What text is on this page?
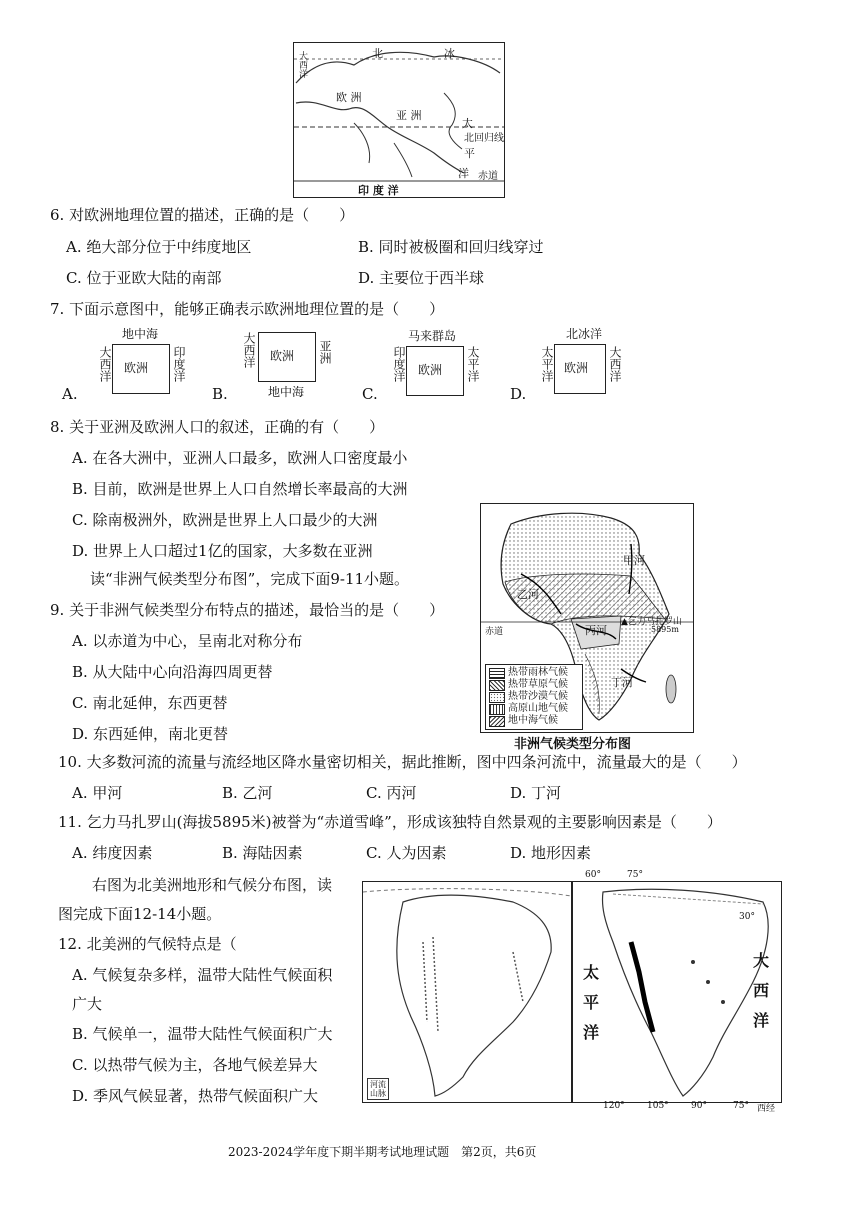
北	冰
欧 洲
亚 洲
太
北回归线
平
洋 赤道
印 度 洋
大西洋
6. 对欧洲地理位置的描述，正确的是（　　）
A. 绝大部分位于中纬度地区	B. 同时被极圈和回归线穿过
C. 位于亚欧大陆的南部	D. 主要位于西半球
7. 下面示意图中，能够正确表示欧洲地理位置的是（　　）
地中海
欧洲
大西洋	印度洋
A.
欧洲
大西洋	亚洲
地中海
B.
马来群岛
欧洲
印度洋	太平洋
C.
北冰洋
欧洲
太平洋	大西洋
D.
8. 关于亚洲及欧洲人口的叙述，正确的有（　　）
A. 在各大洲中，亚洲人口最多，欧洲人口密度最小
B. 目前，欧洲是世界上人口自然增长率最高的大洲
C. 除南极洲外，欧洲是世界上人口最少的大洲
D. 世界上人口超过1亿的国家，大多数在亚洲
读“非洲气候类型分布图”，完成下面9-11小题。
甲河
乙河
丙河
丁河
▲乞力马扎罗山
5895m
赤道
热带雨林气候
热带草原气候
热带沙漠气候
高原山地气候
地中海气候
非洲气候类型分布图
9. 关于非洲气候类型分布特点的描述，最恰当的是（　　）
A. 以赤道为中心，呈南北对称分布
B. 从大陆中心向沿海四周更替
C. 南北延伸，东西更替
D. 东西延伸，南北更替
10. 大多数河流的流量与流经地区降水量密切相关，据此推断，图中四条河流中，流量最大的是（　　）
A. 甲河	B. 乙河	C. 丙河	D. 丁河
11. 乞力马扎罗山(海拔5895米)被誉为“赤道雪峰”，形成该独特自然景观的主要影响因素是（　　）
A. 纬度因素	B. 海陆因素	C. 人为因素	D. 地形因素
右图为北美洲地形和气候分布图，读
图完成下面12-14小题。
12. 北美洲的气候特点是（
A. 气候复杂多样，温带大陆性气候面积
广大
B. 气候单一，温带大陆性气候面积广大
C. 以热带气候为主，各地气候差异大
D. 季风气候显著，热带气候面积广大
河流
山脉
60°	75°
30°
太
平
洋
大
西
洋
120° 105° 90°	75° 西经
2023-2024学年度下期半期考试地理试题　第2页，共6页
